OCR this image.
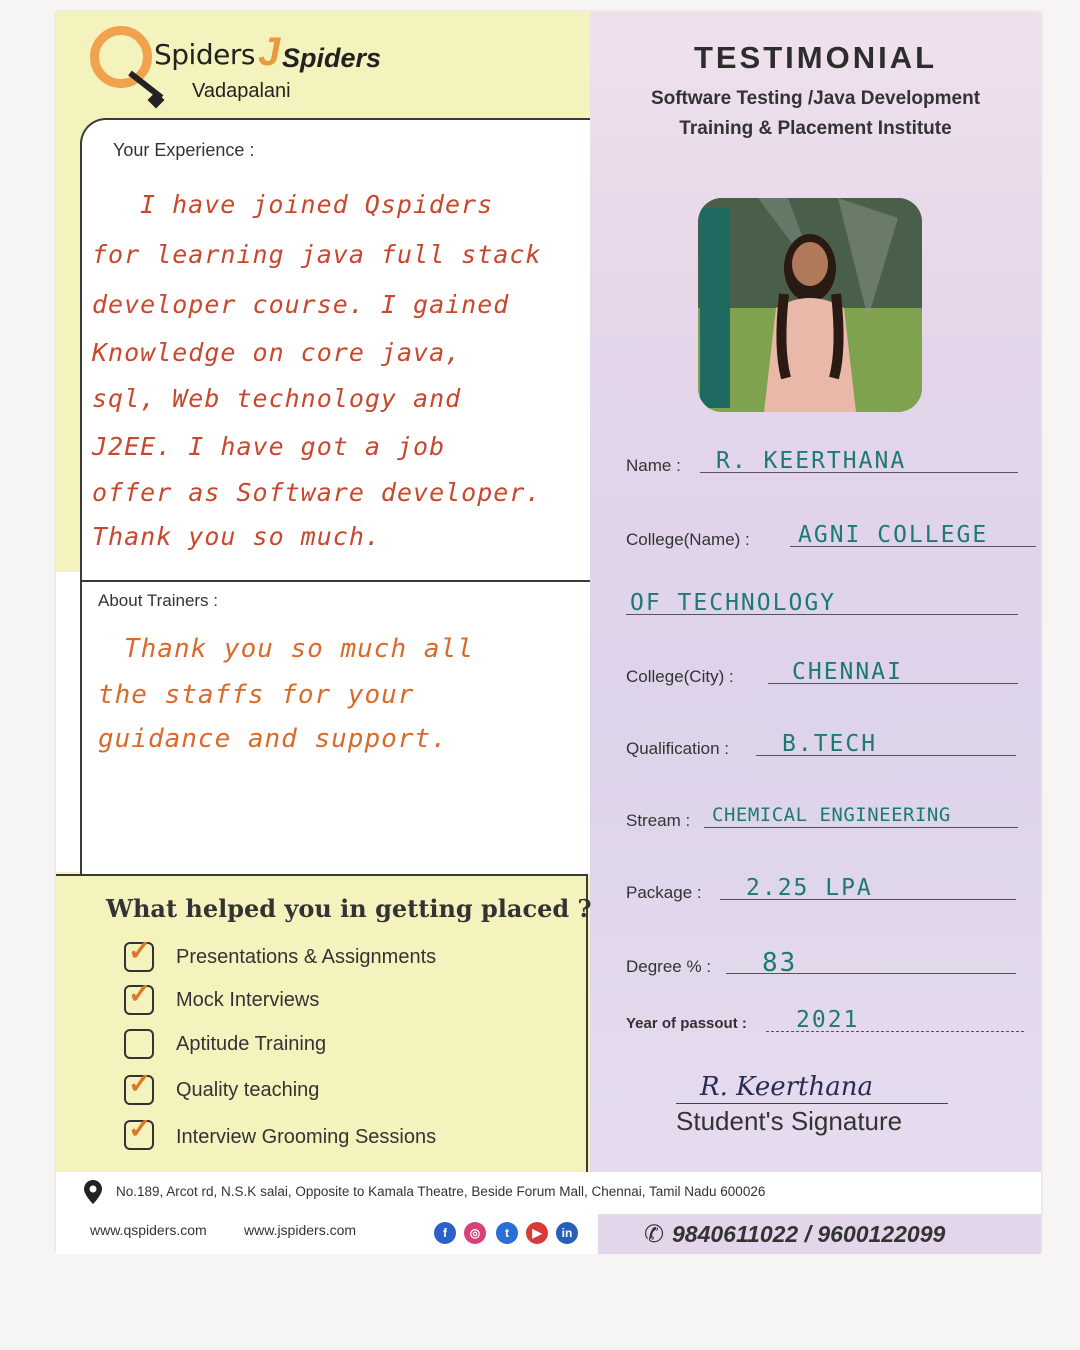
Spiders J Spiders
Vadapalani
TESTIMONIAL
Software Testing /Java Development
Training & Placement Institute
Your Experience :
I have joined Qspiders
for learning java full stack
developer course. I gained
Knowledge on core java,
sql, Web technology and
J2EE. I have got a job
offer as Software developer.
Thank you so much.
About Trainers :
Thank you so much all
the staffs for your
guidance and support.
Name : R. KEERTHANA
College(Name) : AGNI COLLEGE
OF TECHNOLOGY
College(City) :	CHENNAI
Qualification : B.TECH
Stream : CHEMICAL ENGINEERING
Package : 2.25 LPA
Degree % : 83
Year of passout : 2021
What helped you in getting placed ?
✓ Presentations & Assignments
✓ Mock Interviews
Aptitude Training
✓ Quality teaching
✓ Interview Grooming Sessions
R. Keerthana
Student's Signature
No.189, Arcot rd, N.S.K salai, Opposite to Kamala Theatre, Beside Forum Mall, Chennai, Tamil Nadu 600026
www.qspiders.com	www.jspiders.com	f	◎	t	▶	in	✆ 9840611022 / 9600122099
